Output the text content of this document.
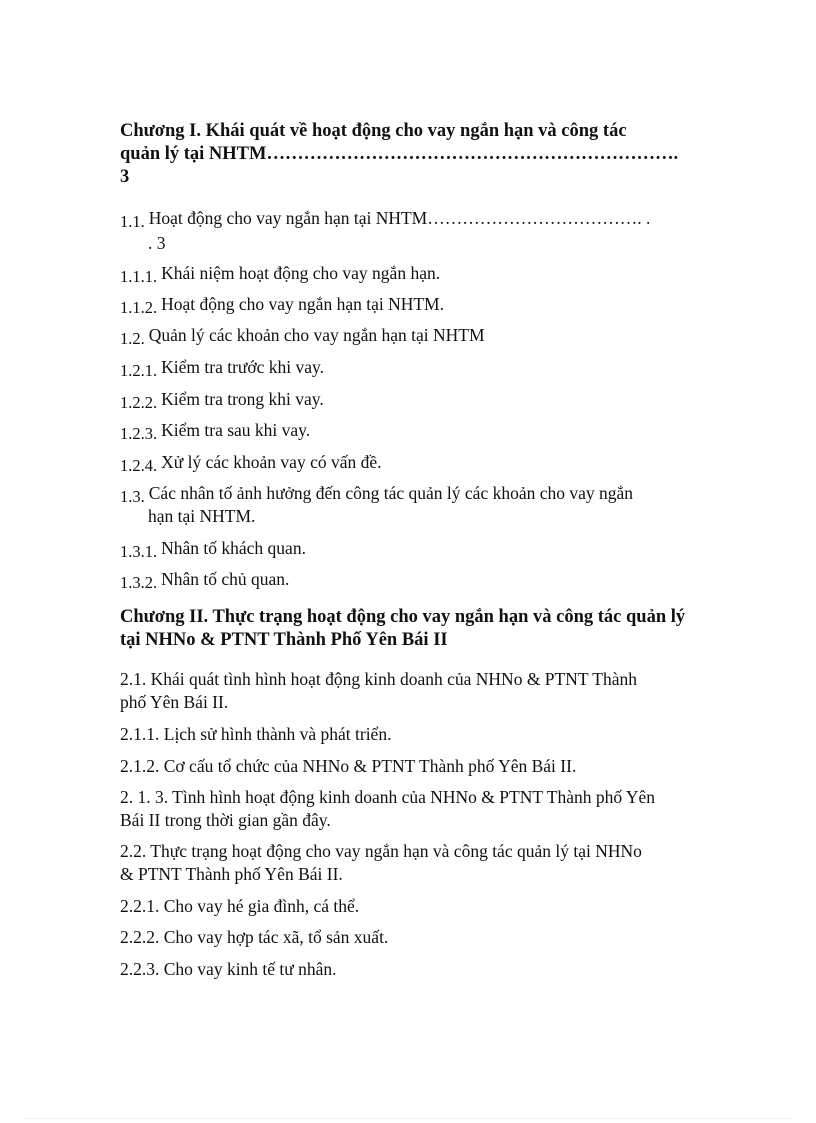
Chương I. Khái quát về hoạt động cho vay ngắn hạn và công tác
quản lý tại NHTM………………………………………………………….
3
1.1. Hoạt động cho vay ngắn hạn tại NHTM………………………………. .
. 3
1.1.1. Khái niệm hoạt động cho vay ngắn hạn.
1.1.2. Hoạt động cho vay ngắn hạn tại NHTM.
1.2. Quản lý các khoản cho vay ngắn hạn tại NHTM
1.2.1. Kiểm tra trước khi vay.
1.2.2. Kiểm tra trong khi vay.
1.2.3. Kiểm tra sau khi vay.
1.2.4. Xử lý các khoản vay có vấn đề.
1.3. Các nhân tố ảnh hưởng đến công tác quản lý các khoản cho vay ngắn
hạn tại NHTM.
1.3.1. Nhân tố khách quan.
1.3.2. Nhân tố chủ quan.
Chương II. Thực trạng hoạt động cho vay ngắn hạn và công tác quản lý
tại NHNo & PTNT Thành Phố Yên Bái II
2.1. Khái quát tình hình hoạt động kinh doanh của NHNo & PTNT Thành
phố Yên Bái II.
2.1.1. Lịch sử hình thành và phát triển.
2.1.2. Cơ cấu tổ chức của NHNo & PTNT Thành phố Yên Bái II.
2. 1. 3. Tình hình hoạt động kinh doanh của NHNo & PTNT Thành phố Yên
Bái II trong thời gian gần đây.
2.2. Thực trạng hoạt động cho vay ngắn hạn và công tác quản lý tại NHNo
& PTNT Thành phố Yên Bái II.
2.2.1. Cho vay hé gia đình, cá thể.
2.2.2. Cho vay hợp tác xã, tổ sản xuất.
2.2.3. Cho vay kinh tế tư nhân.
